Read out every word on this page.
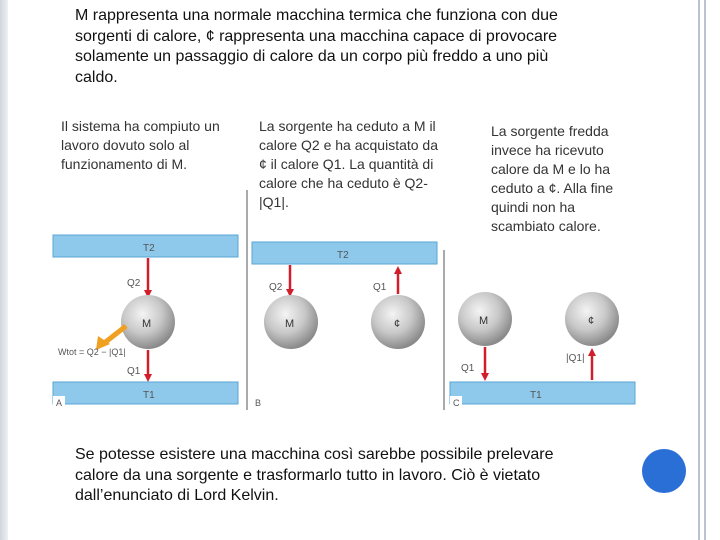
M rappresenta una normale macchina termica che funziona con due sorgenti di calore, ¢ rappresenta una macchina capace di provocare solamente un passaggio di calore da un corpo più freddo a uno più caldo.
Il sistema ha compiuto un lavoro dovuto solo al funzionamento di M.
La sorgente ha ceduto a M il calore Q2 e ha acquistato da ¢ il calore Q1. La quantità di calore che ha ceduto è Q2-|Q1|.
La sorgente fredda invece ha ricevuto calore da M e lo ha ceduto a ¢. Alla fine quindi non ha scambiato calore.
T2
Q2
M
Wtot = Q2 − |Q1|
Q1
T1
A
T2
Q2
M
Q1
¢
B
M
Q1
¢
|Q1|
T1
C
Se potesse esistere una macchina così sarebbe possibile prelevare calore da una sorgente e trasformarlo tutto in lavoro. Ciò è vietato dall’enunciato di Lord Kelvin.
